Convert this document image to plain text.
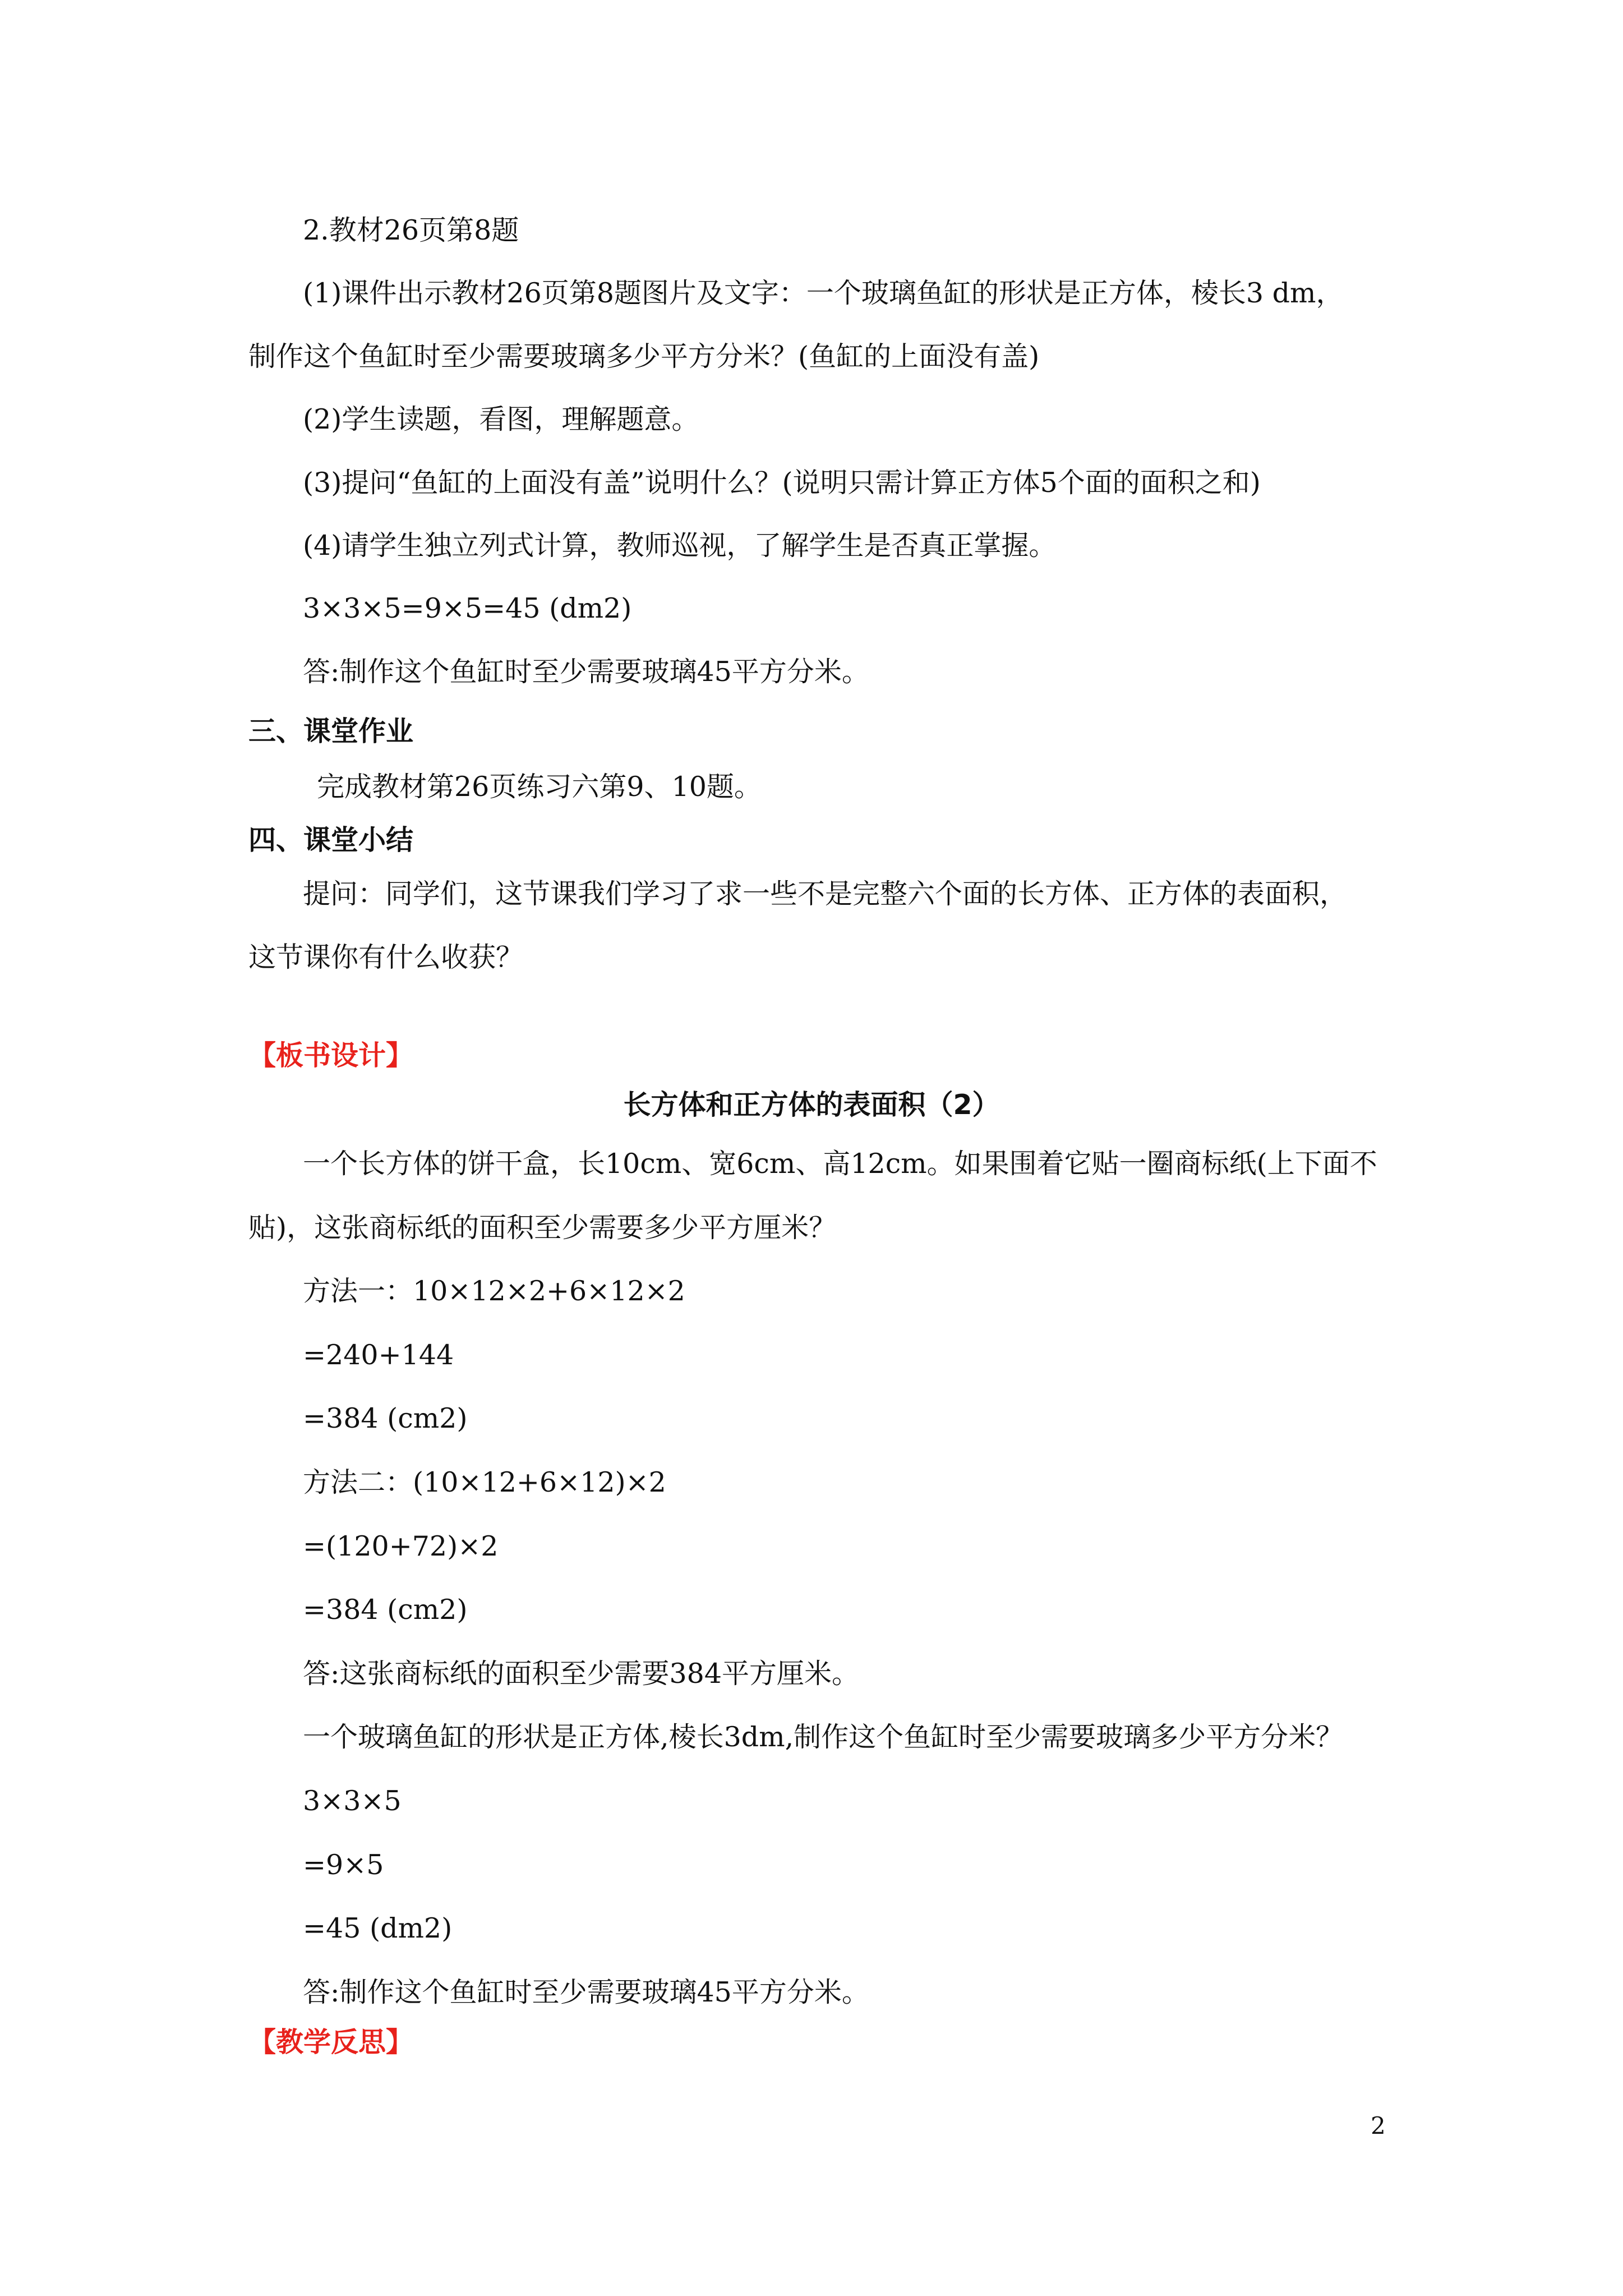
2.教材26页第8题
(1)课件出示教材26页第8题图片及文字：一个玻璃鱼缸的形状是正方体，棱长3 dm，
制作这个鱼缸时至少需要玻璃多少平方分米？(鱼缸的上面没有盖)
(2)学生读题，看图，理解题意。
(3)提问“鱼缸的上面没有盖”说明什么？(说明只需计算正方体5个面的面积之和)
(4)请学生独立列式计算，教师巡视，了解学生是否真正掌握。
3×3×5=9×5=45 (dm2)
答:制作这个鱼缸时至少需要玻璃45平方分米。
三、课堂作业
完成教材第26页练习六第9、10题。
四、课堂小结
提问：同学们，这节课我们学习了求一些不是完整六个面的长方体、正方体的表面积，
这节课你有什么收获？
【板书设计】
长方体和正方体的表面积（2）
一个长方体的饼干盒，长10cm、宽6cm、高12cm。如果围着它贴一圈商标纸(上下面不
贴)，这张商标纸的面积至少需要多少平方厘米？
方法一：10×12×2+6×12×2
=240+144
=384 (cm2)
方法二：(10×12+6×12)×2
=(120+72)×2
=384 (cm2)
答:这张商标纸的面积至少需要384平方厘米。
一个玻璃鱼缸的形状是正方体,棱长3dm,制作这个鱼缸时至少需要玻璃多少平方分米？
3×3×5
=9×5
=45 (dm2)
答:制作这个鱼缸时至少需要玻璃45平方分米。
【教学反思】
2
